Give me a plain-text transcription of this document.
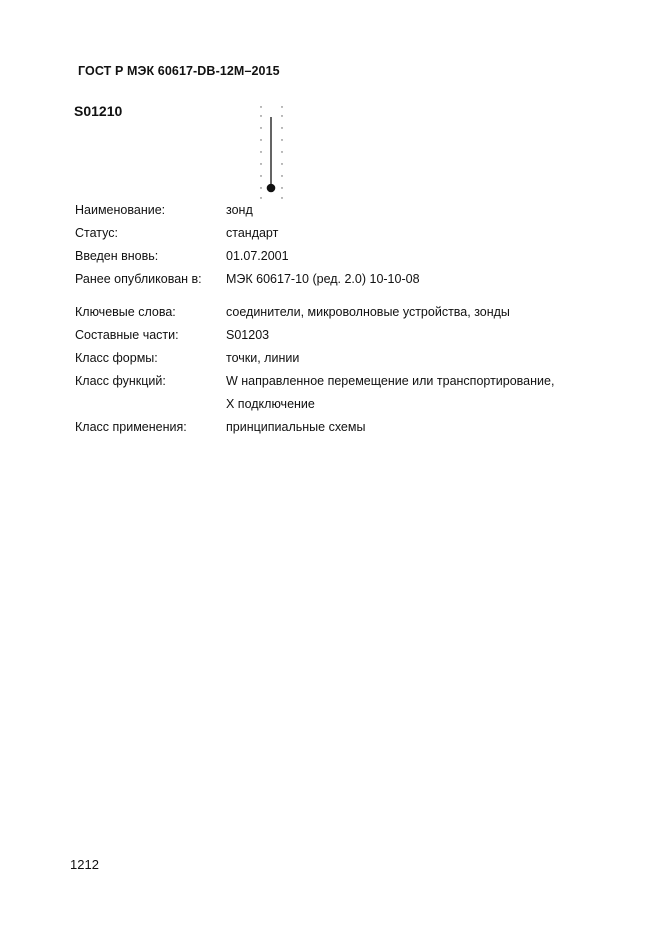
ГОСТ Р МЭК 60617-DB-12M–2015
S01210
Наименование:	зонд
Статус:	стандарт
Введен вновь:	01.07.2001
Ранее опубликован в: МЭК 60617-10 (ред. 2.0) 10-10-08
Ключевые слова:	соединители, микроволновые устройства, зонды
Составные части:	S01203
Класс формы:	точки, линии
Класс функций:	W направленное перемещение или транспортирование,
X подключение
Класс применения:	принципиальные схемы
1212
